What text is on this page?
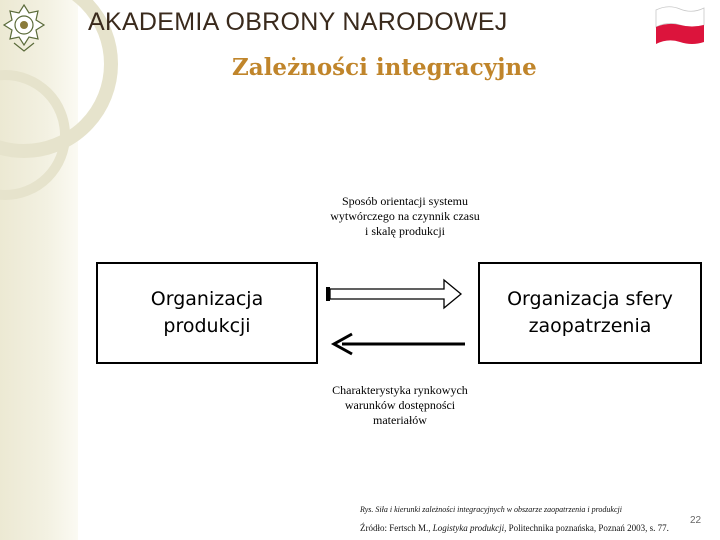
AKADEMIA OBRONY NARODOWEJ
Zależności integracyjne
Sposób orientacji systemu
wytwórczego na czynnik czasu
i skalę produkcji
Organizacja
produkcji
Organizacja sfery
zaopatrzenia
Charakterystyka rynkowych
warunków dostępności
materiałów
Rys. Siła i kierunki zależności integracyjnych w obszarze zaopatrzenia i produkcji
Źródło: Fertsch M., Logistyka produkcji, Politechnika poznańska, Poznań 2003, s. 77.
22
